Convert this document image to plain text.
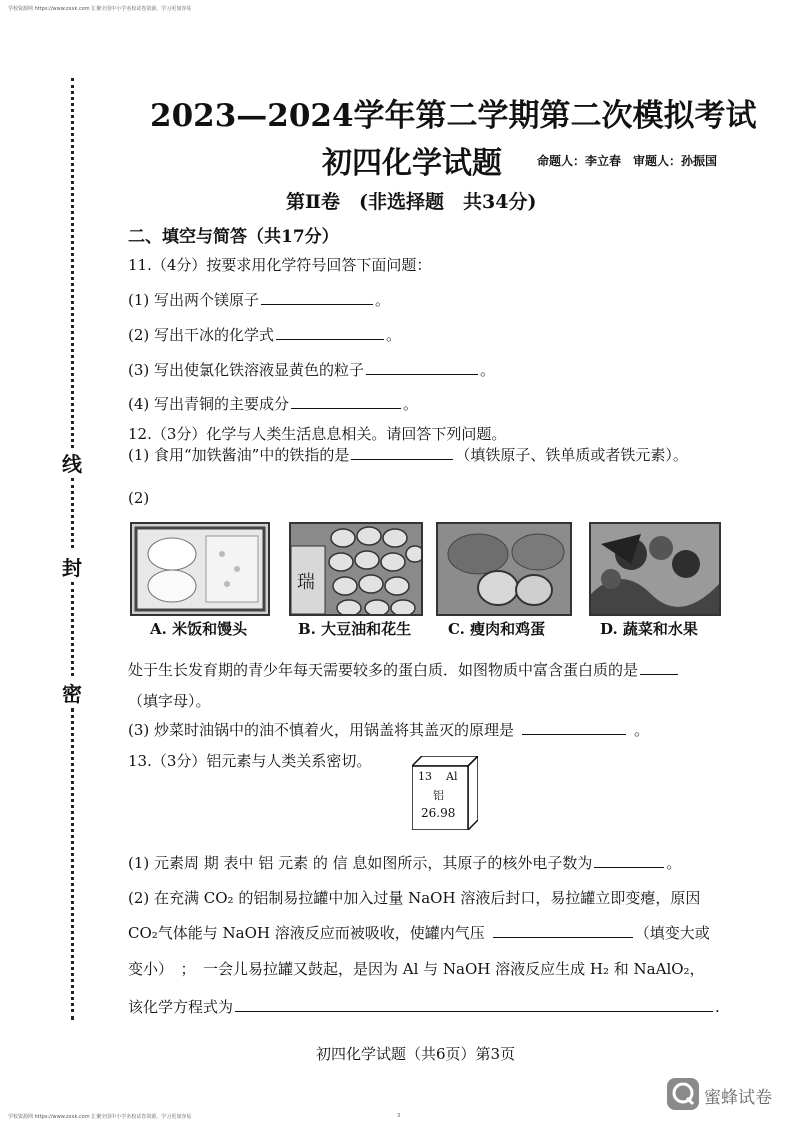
学校资源网 https://www.zxxk.com 汇聚全国中小学名校试卷资源，学习更加容易
线
封
密
2023—2024学年第二学期第二次模拟考试
初四化学试题	命题人：李立春　审题人：孙振国
第Ⅱ卷　(非选择题　共34分)
二、填空与简答（共17分）
11.（4分）按要求用化学符号回答下面问题：
(1) 写出两个镁原子	。
(2) 写出干冰的化学式	。
(3) 写出使氯化铁溶液显黄色的粒子	。
(4) 写出青铜的主要成分	。
12.（3分）化学与人类生活息息相关。请回答下列问题。
(1) 食用“加铁酱油”中的铁指的是	（填铁原子、铁单质或者铁元素）。
(2)
瑞
A. 米饭和馒头	B. 大豆油和花生 C. 瘦肉和鸡蛋	D. 蔬菜和水果
处于生长发育期的青少年每天需要较多的蛋白质．如图物质中富含蛋白质的是
（填字母）。
(3) 炒菜时油锅中的油不慎着火，用锅盖将其盖灭的原理是	。
13.（3分）铝元素与人类关系密切。
13 Al
铝
26.98
(1) 元素周 期 表中 铝 元素 的 信 息如图所示，其原子的核外电子数为	。
(2) 在充满 CO₂ 的铝制易拉罐中加入过量 NaOH 溶液后封口，易拉罐立即变瘪，原因
CO₂气体能与 NaOH 溶液反应而被吸收，使罐内气压	（填变大或
变小）　；　一会儿易拉罐又鼓起，是因为 Al 与 NaOH 溶液反应生成 H₂ 和 NaAlO₂，
该化学方程式为	.
初四化学试题（共6页）第3页
学校资源网 https://www.zxxk.com 汇聚全国中小学名校试卷资源，学习更加容易	3
蜜蜂试卷
